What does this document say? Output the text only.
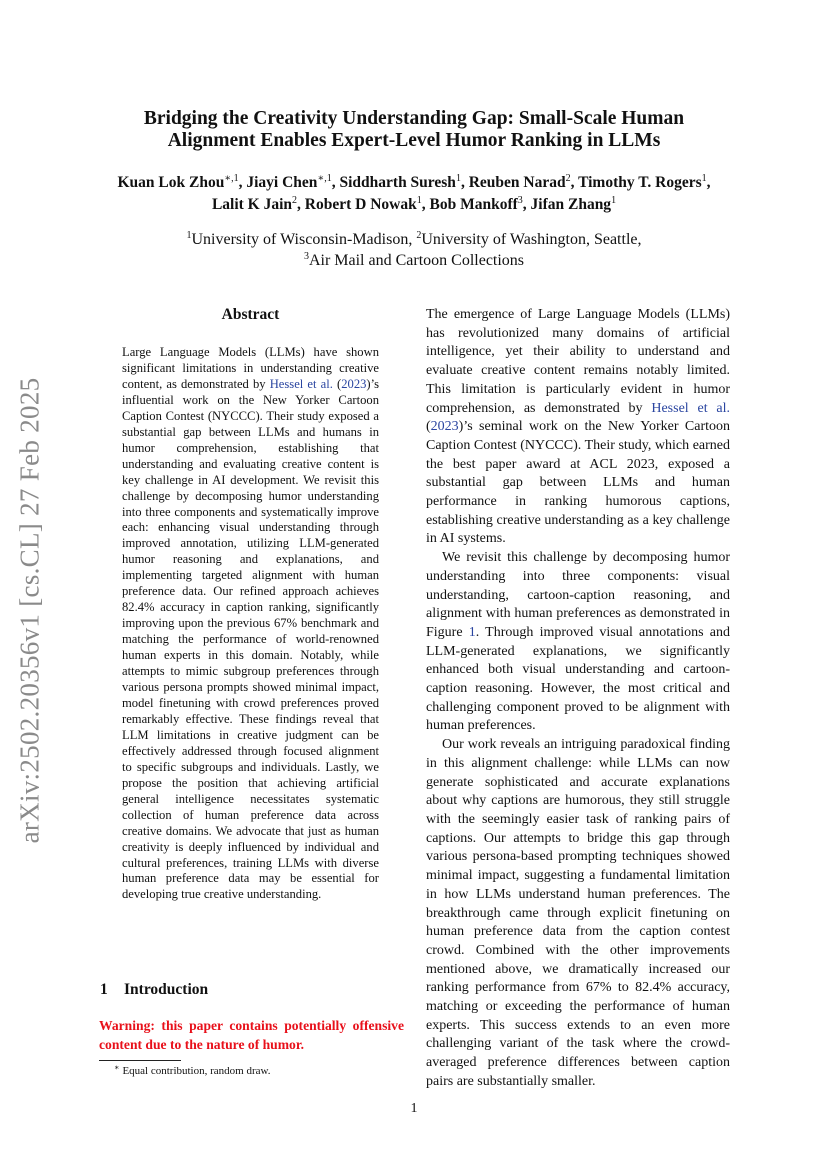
arXiv:2502.20356v1 [cs.CL] 27 Feb 2025
Bridging the Creativity Understanding Gap: Small-Scale Human
Alignment Enables Expert-Level Humor Ranking in LLMs
Kuan Lok Zhou$^{∗,1}$, Jiayi Chen$^{∗,1}$, Siddharth Suresh$^1$, Reuben Narad$^2$, Timothy T. Rogers$^1$,
Lalit K Jain$^2$, Robert D Nowak$^1$, Bob Mankoff$^3$, Jifan Zhang$^1$
$^1$University of Wisconsin-Madison, $^2$University of Washington, Seattle,
$^3$Air Mail and Cartoon Collections
Abstract
Large Language Models (LLMs) have shown significant limitations in understanding creative content, as demonstrated by Hessel et al. (2023)’s influential work on the New Yorker Cartoon Caption Contest (NYCCC). Their study exposed a substantial gap between LLMs and humans in humor comprehension, establishing that understanding and evaluating creative content is key challenge in AI development. We revisit this challenge by decomposing humor understanding into three components and systematically improve each: enhancing visual understanding through improved annotation, utilizing LLM-generated humor reasoning and explanations, and implementing targeted alignment with human preference data. Our refined approach achieves 82.4% accuracy in caption ranking, significantly improving upon the previous 67% benchmark and matching the performance of world-renowned human experts in this domain. Notably, while attempts to mimic subgroup preferences through various persona prompts showed minimal impact, model finetuning with crowd preferences proved remarkably effective. These findings reveal that LLM limitations in creative judgment can be effectively addressed through focused alignment to specific subgroups and individuals. Lastly, we propose the position that achieving artificial general intelligence necessitates systematic collection of human preference data across creative domains. We advocate that just as human creativity is deeply influenced by individual and cultural preferences, training LLMs with diverse human preference data may be essential for developing true creative understanding.
1 Introduction
Warning: this paper contains potentially offensive content due to the nature of humor.
∗ Equal contribution, random draw.

The emergence of Large Language Models (LLMs) has revolutionized many domains of artificial intelligence, yet their ability to understand and evaluate creative content remains notably limited. This limitation is particularly evident in humor comprehension, as demonstrated by Hessel et al. (2023)’s seminal work on the New Yorker Cartoon Caption Contest (NYCCC). Their study, which earned the best paper award at ACL 2023, exposed a substantial gap between LLMs and human performance in ranking humorous captions, establishing creative understanding as a key challenge in AI systems.

We revisit this challenge by decomposing humor understanding into three components: visual understanding, cartoon-caption reasoning, and alignment with human preferences as demonstrated in Figure 1. Through improved visual annotations and LLM-generated explanations, we significantly enhanced both visual understanding and cartoon-caption reasoning. However, the most critical and challenging component proved to be alignment with human preferences.

Our work reveals an intriguing paradoxical finding in this alignment challenge: while LLMs can now generate sophisticated and accurate explanations about why captions are humorous, they still struggle with the seemingly easier task of ranking pairs of captions. Our attempts to bridge this gap through various persona-based prompting techniques showed minimal impact, suggesting a fundamental limitation in how LLMs understand human preferences. The breakthrough came through explicit finetuning on human preference data from the caption contest crowd. Combined with the other improvements mentioned above, we dramatically increased our ranking performance from 67% to 82.4% accuracy, matching or exceeding the performance of human experts. This success extends to an even more challenging variant of the task where the crowd-averaged preference differences between caption pairs are substantially smaller.

1
